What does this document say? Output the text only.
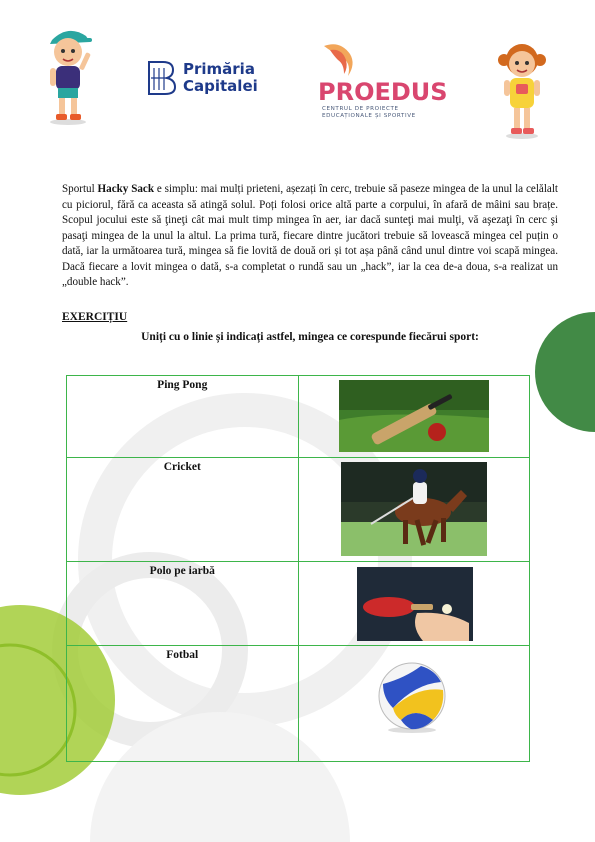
Primăria
Capitalei	PROEDUS
CENTRUL DE PROIECTE EDUCAȚIONALE ȘI SPORTIVE
Sportul Hacky Sack e simplu: mai mulți prieteni, așezați în cerc, trebuie să paseze mingea de la unul la celălalt cu piciorul, fără ca aceasta să atingă solul. Poți folosi orice altă parte a corpului, în afară de mâini sau brațe. Scopul jocului este să ţineţi cât mai mult timp mingea în aer, iar dacă sunteţi mai mulţi, vă aşezaţi în cerc şi pasaţi mingea de la unul la altul. La prima tură, fiecare dintre jucători trebuie să lovească mingea cel puțin o dată, iar la următoarea tură, mingea să fie lovită de două ori și tot așa până când unul dintre voi scapă mingea. Dacă fiecare a lovit mingea o dată, s-a completat o rundă sau un „hack”, iar la cea de-a doua, s-a realizat un „double hack”.
EXERCIȚIU
Uniți cu o linie și indicați astfel, mingea ce corespunde fiecărui sport:
Ping Pong	

Cricket	

Polo pe iarbă	

Fotbal	
